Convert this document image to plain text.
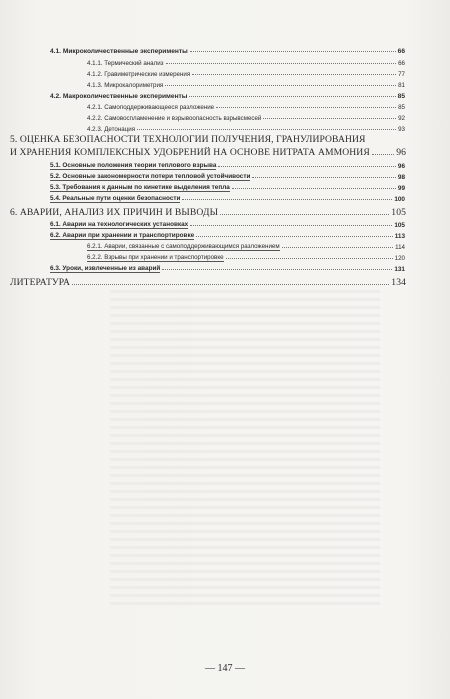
4.1. Микроколичественные эксперименты	66
4.1.1. Термический анализ	66
4.1.2. Гравиметрические измерения	77
4.1.3. Микрокалориметрия	81
4.2. Макроколичественные эксперименты	85
4.2.1. Самоподдерживающееся разложение	85
4.2.2. Самовоспламенение и взрывоопасность взрывсмесей	92
4.2.3. Детонация	93
5. ОЦЕНКА БЕЗОПАСНОСТИ ТЕХНОЛОГИИ ПОЛУЧЕНИЯ, ГРАНУЛИРОВАНИЯ
И ХРАНЕНИЯ КОМПЛЕКСНЫХ УДОБРЕНИЙ НА ОСНОВЕ НИТРАТА АММОНИЯ	96
5.1. Основные положения теории теплового взрыва	96
5.2. Основные закономерности потери тепловой устойчивости	98
5.3. Требования к данным по кинетике выделения тепла	99
5.4. Реальные пути оценки безопасности	100
6. АВАРИИ, АНАЛИЗ ИХ ПРИЧИН И ВЫВОДЫ	105
6.1. Аварии на технологических установках	105
6.2. Аварии при хранении и транспортировке	113
6.2.1. Аварии, связанные с самоподдерживающимся разложением	114
6.2.2. Взрывы при хранении и транспортировке	120
6.3. Уроки, извлеченные из аварий	131
ЛИТЕРАТУРА	134
— 147 —
